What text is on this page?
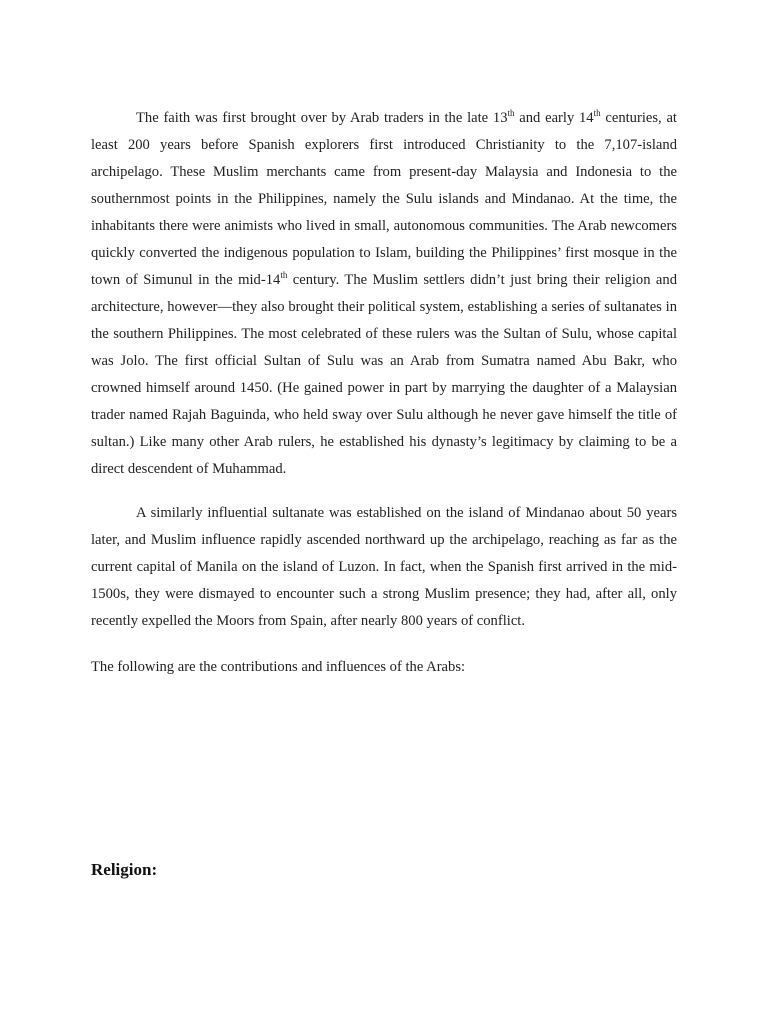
The faith was first brought over by Arab traders in the late 13th and early 14th centuries, at least 200 years before Spanish explorers first introduced Christianity to the 7,107-island archipelago. These Muslim merchants came from present-day Malaysia and Indonesia to the southernmost points in the Philippines, namely the Sulu islands and Mindanao. At the time, the inhabitants there were animists who lived in small, autonomous communities. The Arab newcomers quickly converted the indigenous population to Islam, building the Philippines’ first mosque in the town of Simunul in the mid-14th century. The Muslim settlers didn’t just bring their religion and architecture, however—they also brought their political system, establishing a series of sultanates in the southern Philippines. The most celebrated of these rulers was the Sultan of Sulu, whose capital was Jolo. The first official Sultan of Sulu was an Arab from Sumatra named Abu Bakr, who crowned himself around 1450. (He gained power in part by marrying the daughter of a Malaysian trader named Rajah Baguinda, who held sway over Sulu although he never gave himself the title of sultan.) Like many other Arab rulers, he established his dynasty’s legitimacy by claiming to be a direct descendent of Muhammad.

A similarly influential sultanate was established on the island of Mindanao about 50 years later, and Muslim influence rapidly ascended northward up the archipelago, reaching as far as the current capital of Manila on the island of Luzon. In fact, when the Spanish first arrived in the mid-1500s, they were dismayed to encounter such a strong Muslim presence; they had, after all, only recently expelled the Moors from Spain, after nearly 800 years of conflict.

The following are the contributions and influences of the Arabs:

Religion:
